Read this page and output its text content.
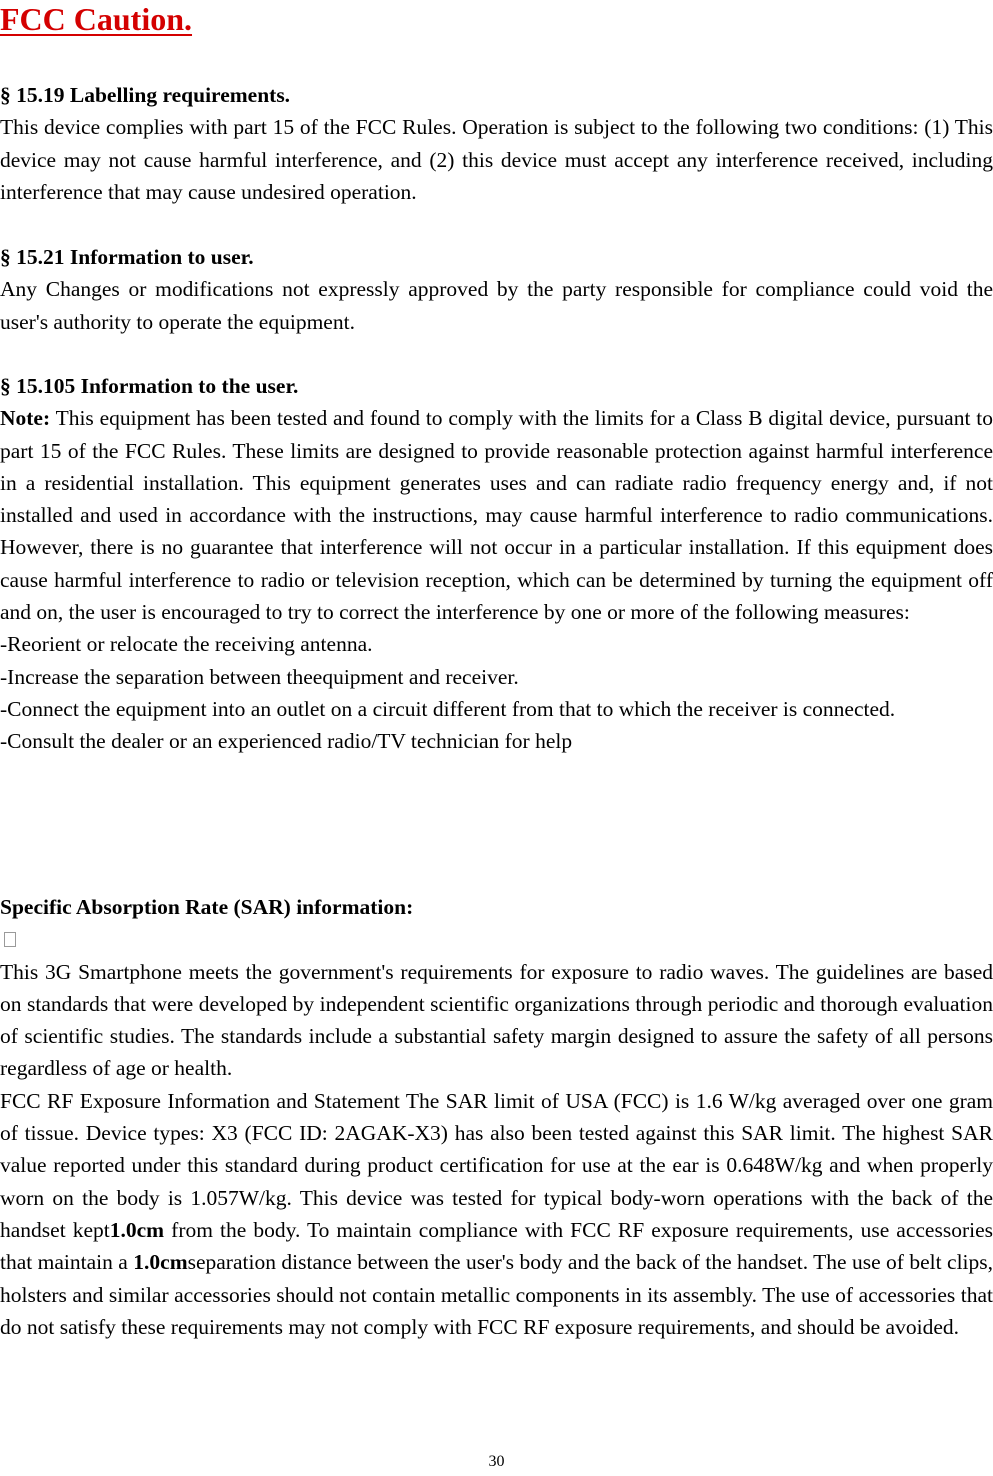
FCC Caution.

§ 15.19 Labelling requirements.

This device complies with part 15 of the FCC Rules. Operation is subject to the following two conditions: (1) This device may not cause harmful interference, and (2) this device must accept any interference received, including interference that may cause undesired operation.

§ 15.21 Information to user.

Any Changes or modifications not expressly approved by the party responsible for compliance could void the user's authority to operate the equipment.

§ 15.105 Information to the user.

Note: This equipment has been tested and found to comply with the limits for a Class B digital device, pursuant to part 15 of the FCC Rules. These limits are designed to provide reasonable protection against harmful interference in a residential installation. This equipment generates uses and can radiate radio frequency energy and, if not installed and used in accordance with the instructions, may cause harmful interference to radio communications. However, there is no guarantee that interference will not occur in a particular installation. If this equipment does cause harmful interference to radio or television reception, which can be determined by turning the equipment off and on, the user is encouraged to try to correct the interference by one or more of the following measures:

-Reorient or relocate the receiving antenna.

-Increase the separation between theequipment and receiver.

-Connect the equipment into an outlet on a circuit different from that to which the receiver is connected.

-Consult the dealer or an experienced radio/TV technician for help

Specific Absorption Rate (SAR) information:

This 3G Smartphone meets the government's requirements for exposure to radio waves. The guidelines are based on standards that were developed by independent scientific organizations through periodic and thorough evaluation of scientific studies. The standards include a substantial safety margin designed to assure the safety of all persons regardless of age or health.

FCC RF Exposure Information and Statement The SAR limit of USA (FCC) is 1.6 W/kg averaged over one gram of tissue. Device types: X3 (FCC ID: 2AGAK-X3) has also been tested against this SAR limit. The highest SAR value reported under this standard during product certification for use at the ear is 0.648W/kg and when properly worn on the body is 1.057W/kg. This device was tested for typical body-worn operations with the back of the handset kept1.0cm from the body. To maintain compliance with FCC RF exposure requirements, use accessories that maintain a 1.0cmseparation distance between the user's body and the back of the handset. The use of belt clips, holsters and similar accessories should not contain metallic components in its assembly. The use of accessories that do not satisfy these requirements may not comply with FCC RF exposure requirements, and should be avoided.

30
